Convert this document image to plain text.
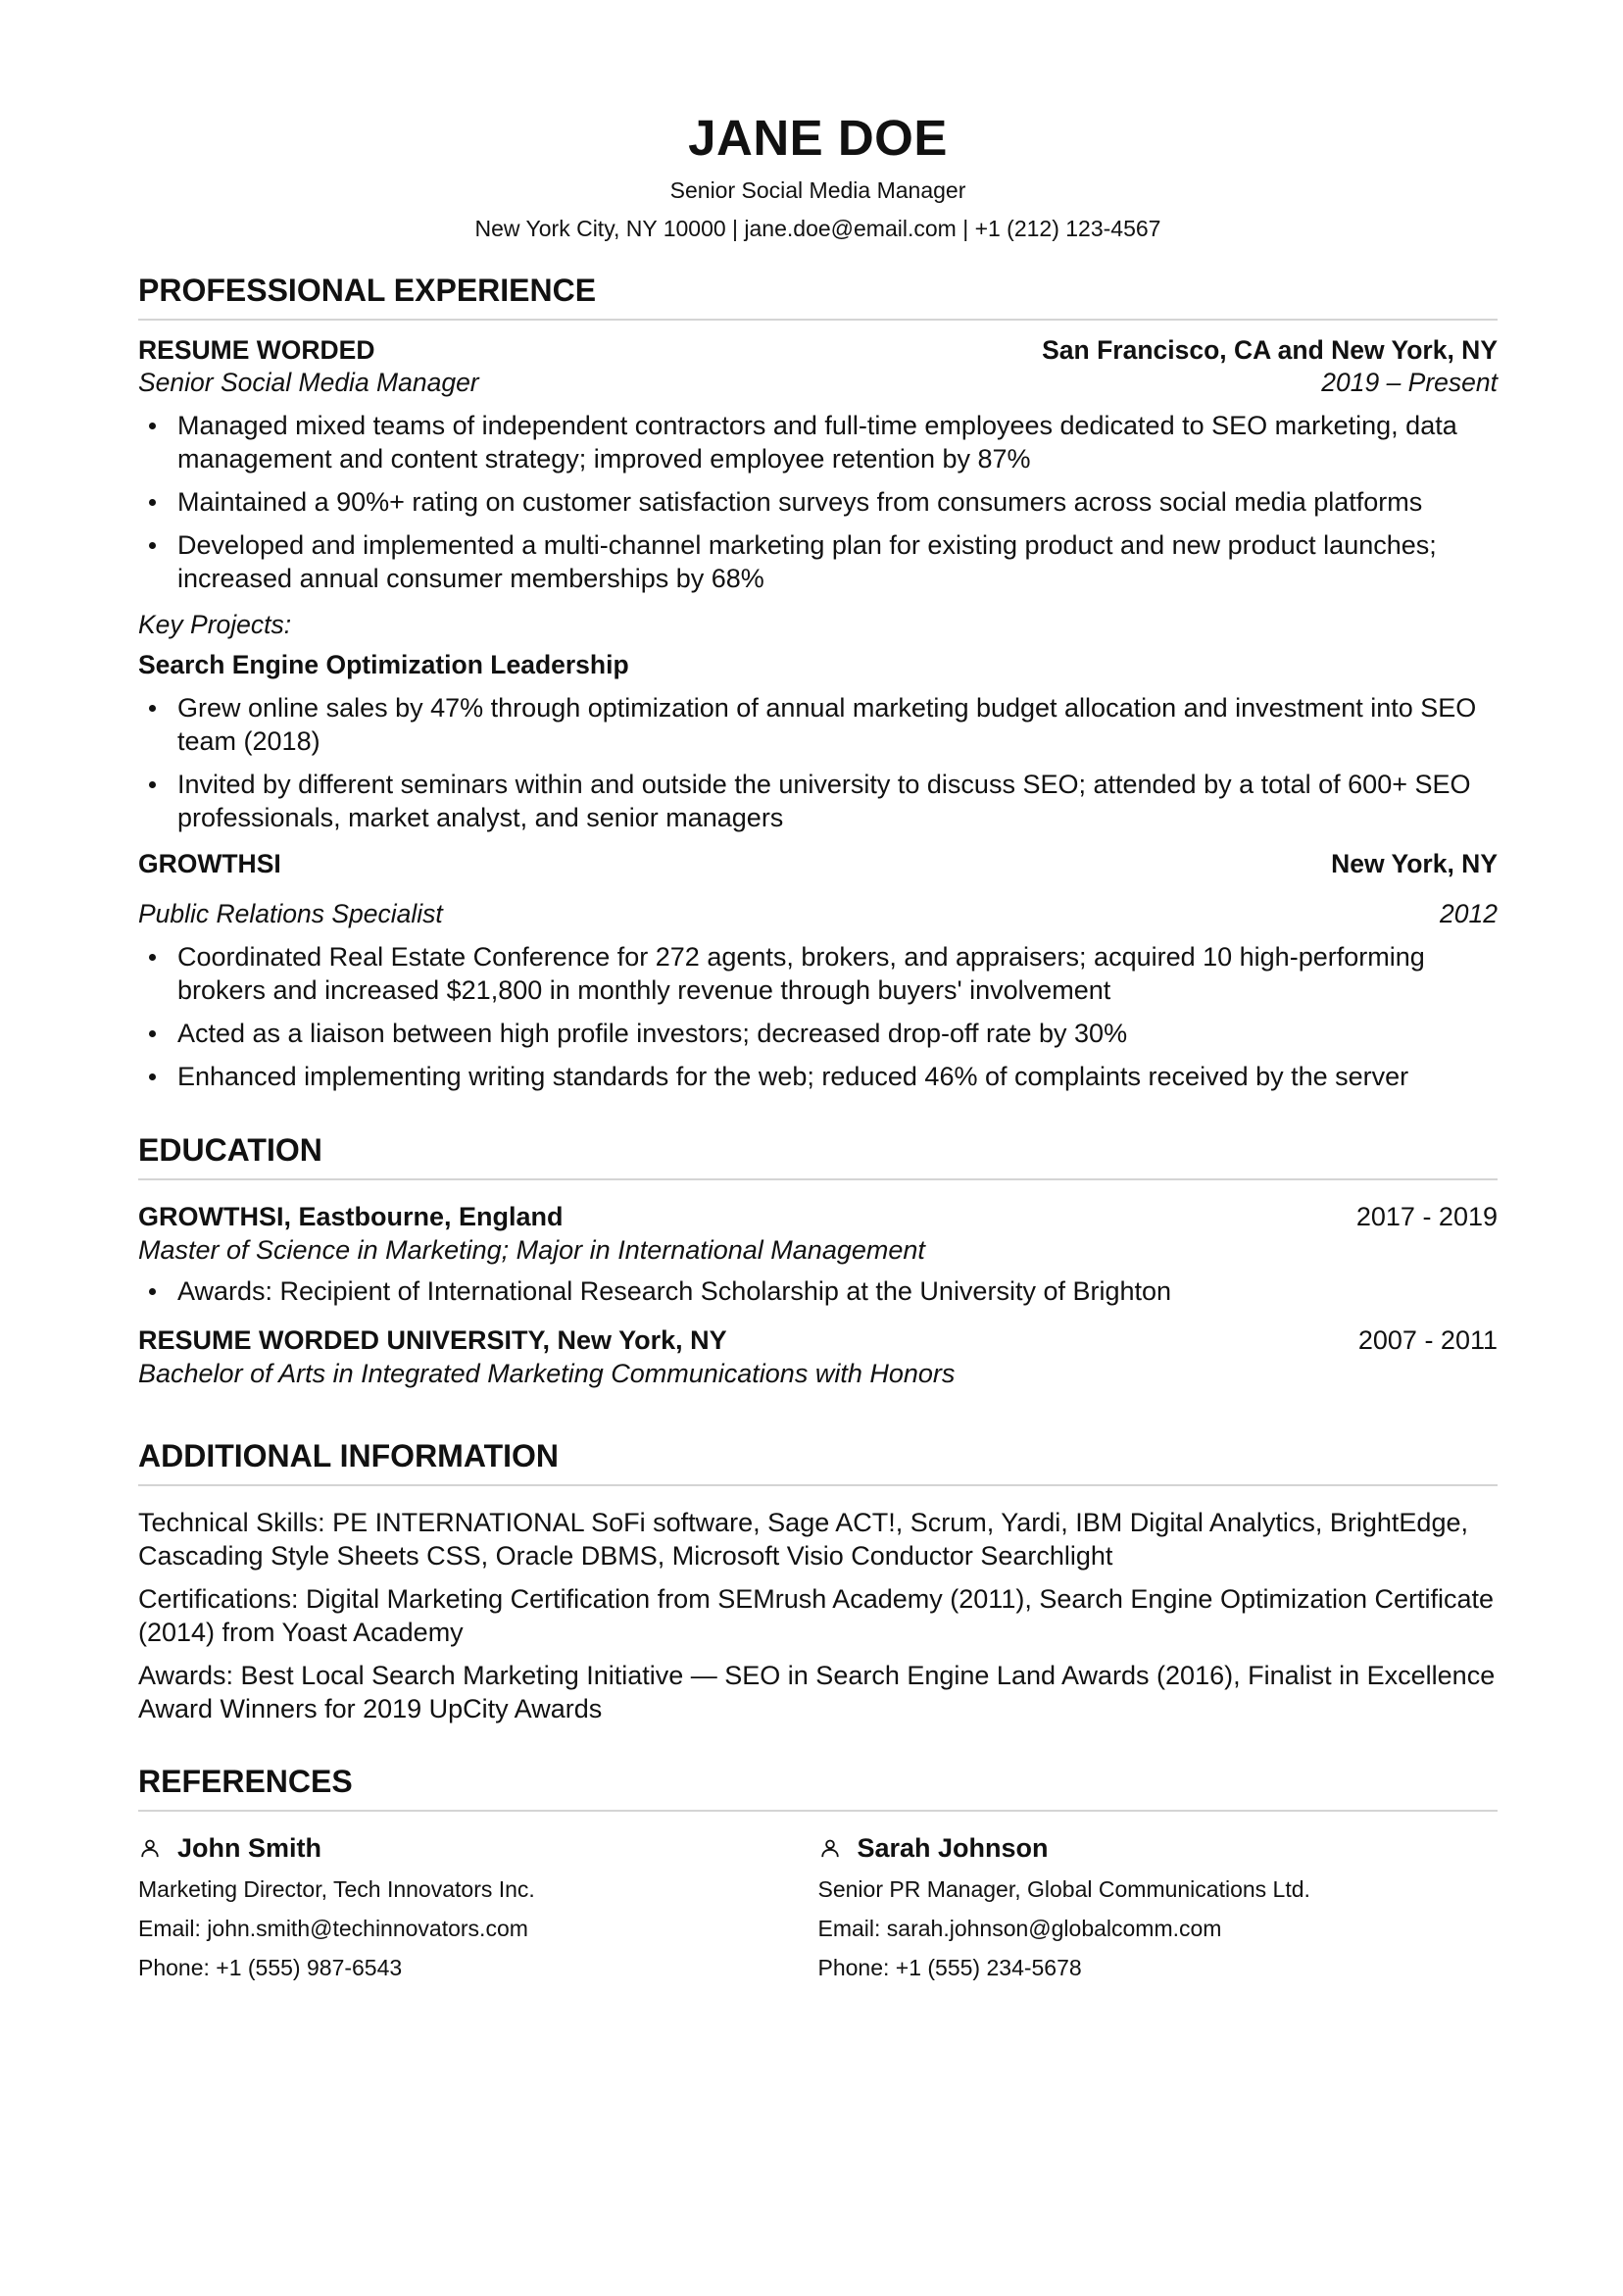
JANE DOE
Senior Social Media Manager
New York City, NY 10000 | jane.doe@email.com | +1 (212) 123-4567
PROFESSIONAL EXPERIENCE
RESUME WORDED	San Francisco, CA and New York, NY
Senior Social Media Manager	2019 – Present
Managed mixed teams of independent contractors and full-time employees dedicated to SEO marketing, data management and content strategy; improved employee retention by 87%
Maintained a 90%+ rating on customer satisfaction surveys from consumers across social media platforms
Developed and implemented a multi-channel marketing plan for existing product and new product launches; increased annual consumer memberships by 68%
Key Projects:
Search Engine Optimization Leadership
Grew online sales by 47% through optimization of annual marketing budget allocation and investment into SEO team (2018)
Invited by different seminars within and outside the university to discuss SEO; attended by a total of 600+ SEO professionals, market analyst, and senior managers
GROWTHSI	New York, NY
Public Relations Specialist	2012
Coordinated Real Estate Conference for 272 agents, brokers, and appraisers; acquired 10 high-performing brokers and increased $21,800 in monthly revenue through buyers' involvement
Acted as a liaison between high profile investors; decreased drop-off rate by 30%
Enhanced implementing writing standards for the web; reduced 46% of complaints received by the server
EDUCATION
GROWTHSI, Eastbourne, England	2017 - 2019
Master of Science in Marketing; Major in International Management
Awards: Recipient of International Research Scholarship at the University of Brighton
RESUME WORDED UNIVERSITY, New York, NY	2007 - 2011
Bachelor of Arts in Integrated Marketing Communications with Honors
ADDITIONAL INFORMATION
Technical Skills: PE INTERNATIONAL SoFi software, Sage ACT!, Scrum, Yardi, IBM Digital Analytics, BrightEdge, Cascading Style Sheets CSS, Oracle DBMS, Microsoft Visio Conductor Searchlight
Certifications: Digital Marketing Certification from SEMrush Academy (2011), Search Engine Optimization Certificate (2014) from Yoast Academy
Awards: Best Local Search Marketing Initiative — SEO in Search Engine Land Awards (2016), Finalist in Excellence Award Winners for 2019 UpCity Awards
REFERENCES
John Smith
Marketing Director, Tech Innovators Inc.
Email: john.smith@techinnovators.com
Phone: +1 (555) 987-6543
Sarah Johnson
Senior PR Manager, Global Communications Ltd.
Email: sarah.johnson@globalcomm.com
Phone: +1 (555) 234-5678
